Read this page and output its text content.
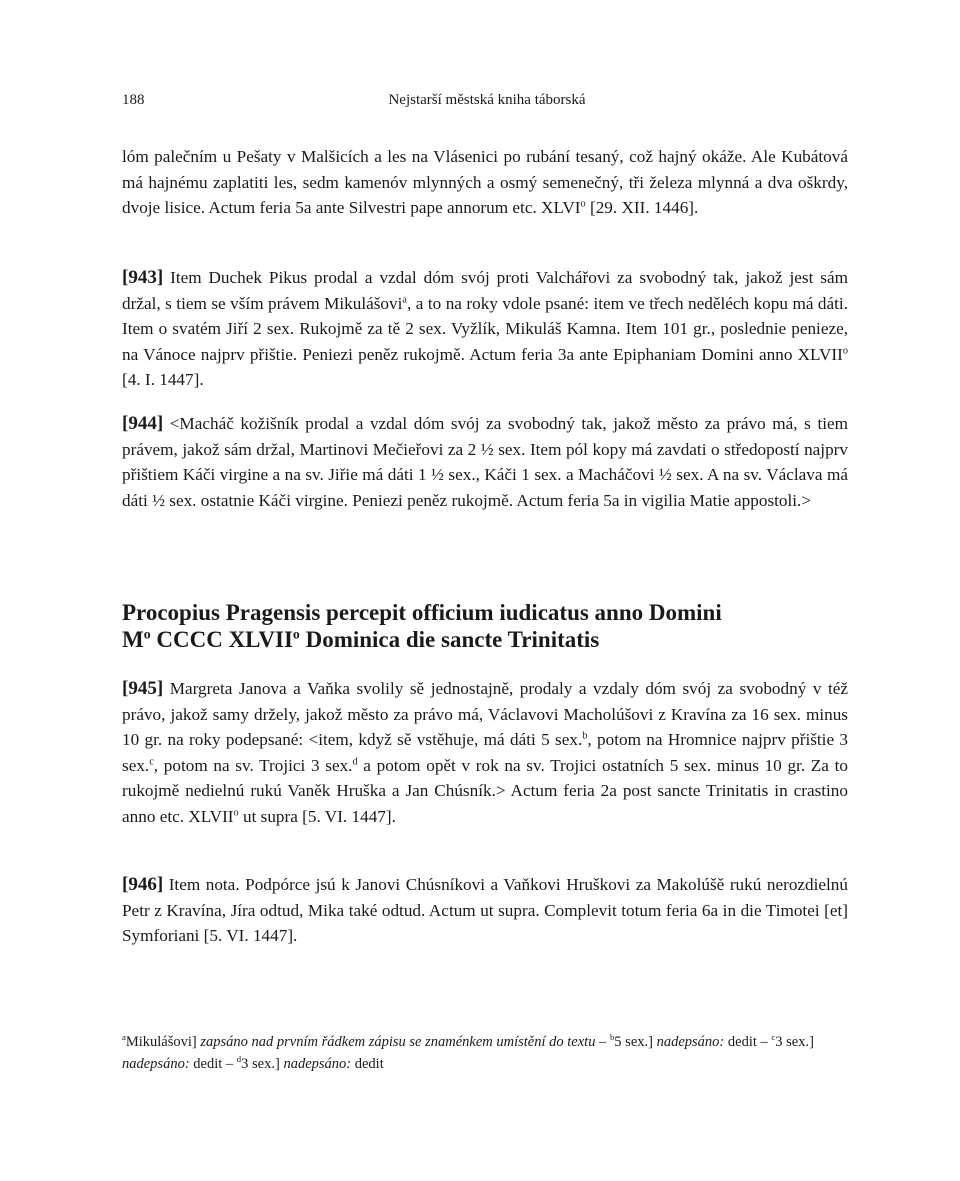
188	Nejstarší městská kniha táborská
lóm palečním u Pešaty v Malšicích a les na Vlásenici po rubání tesaný, což hajný okáže. Ale Kubátová má hajnému zaplatiti les, sedm kamenóv mlynných a osmý semenečný, tři železa mlynná a dva oškrdy, dvoje lisice. Actum feria 5a ante Silvestri pape annorum etc. XLVI$^o$ [29. XII. 1446].
[943] Item Duchek Pikus prodal a vzdal dóm svój proti Valchářovi za svobodný tak, jakož jest sám držal, s tiem se vším právem Mikulášovi$^a$, a to na roky vdole psané: item ve třech neděléch kopu má dáti. Item o svatém Jiří 2 sex. Rukojmě za tě 2 sex. Vyžlík, Mikuláš Kamna. Item 101 gr., poslednie penieze, na Vánoce najprv přištie. Peniezi peněz rukojmě. Actum feria 3a ante Epiphaniam Domini anno XLVII$^o$ [4. I. 1447].
[944] <Macháč kožišník prodal a vzdal dóm svój za svobodný tak, jakož město za právo má, s tiem právem, jakož sám držal, Martinovi Mečieřovi za 2 ½ sex. Item pól kopy má zavdati o středopostí najprv přištiem Káči virgine a na sv. Jiřie má dáti 1 ½ sex., Káči 1 sex. a Macháčovi ½ sex. A na sv. Václava má dáti ½ sex. ostatnie Káči virgine. Peniezi peněz rukojmě. Actum feria 5a in vigilia Matie appostoli.>
Procopius Pragensis percepit officium iudicatus anno Domini
$M^o$ CCCC XLVII$^o$ Dominica die sancte Trinitatis
[945] Margreta Janova a Vaňka svolily sě jednostajně, prodaly a vzdaly dóm svój za svobodný v též právo, jakož samy držely, jakož město za právo má, Václavovi Macholúšovi z Kravína za 16 sex. minus 10 gr. na roky podepsané: <item, když sě vstěhuje, má dáti 5 sex.$^b$, potom na Hromnice najprv přištie 3 sex.$^c$, potom na sv. Trojici 3 sex.$^d$ a potom opět v rok na sv. Trojici ostatních 5 sex. minus 10 gr. Za to rukojmě nedielnú rukú Vaněk Hruška a Jan Chúsník.> Actum feria 2a post sancte Trinitatis in crastino anno etc. XLVII$^o$ ut supra [5. VI. 1447].
[946] Item nota. Podpórce jsú k Janovi Chúsníkovi a Vaňkovi Hruškovi za Makolúšě rukú nerozdielnú Petr z Kravína, Jíra odtud, Mika také odtud. Actum ut supra. Complevit totum feria 6a in die Timotei [et] Symforiani [5. VI. 1447].
$^a$Mikulášovi] zapsáno nad prvním řádkem zápisu se znaménkem umístění do textu – $^b$5 sex.] nadepsáno: dedit – $^c$3 sex.] nadepsáno: dedit – $^d$3 sex.] nadepsáno: dedit
